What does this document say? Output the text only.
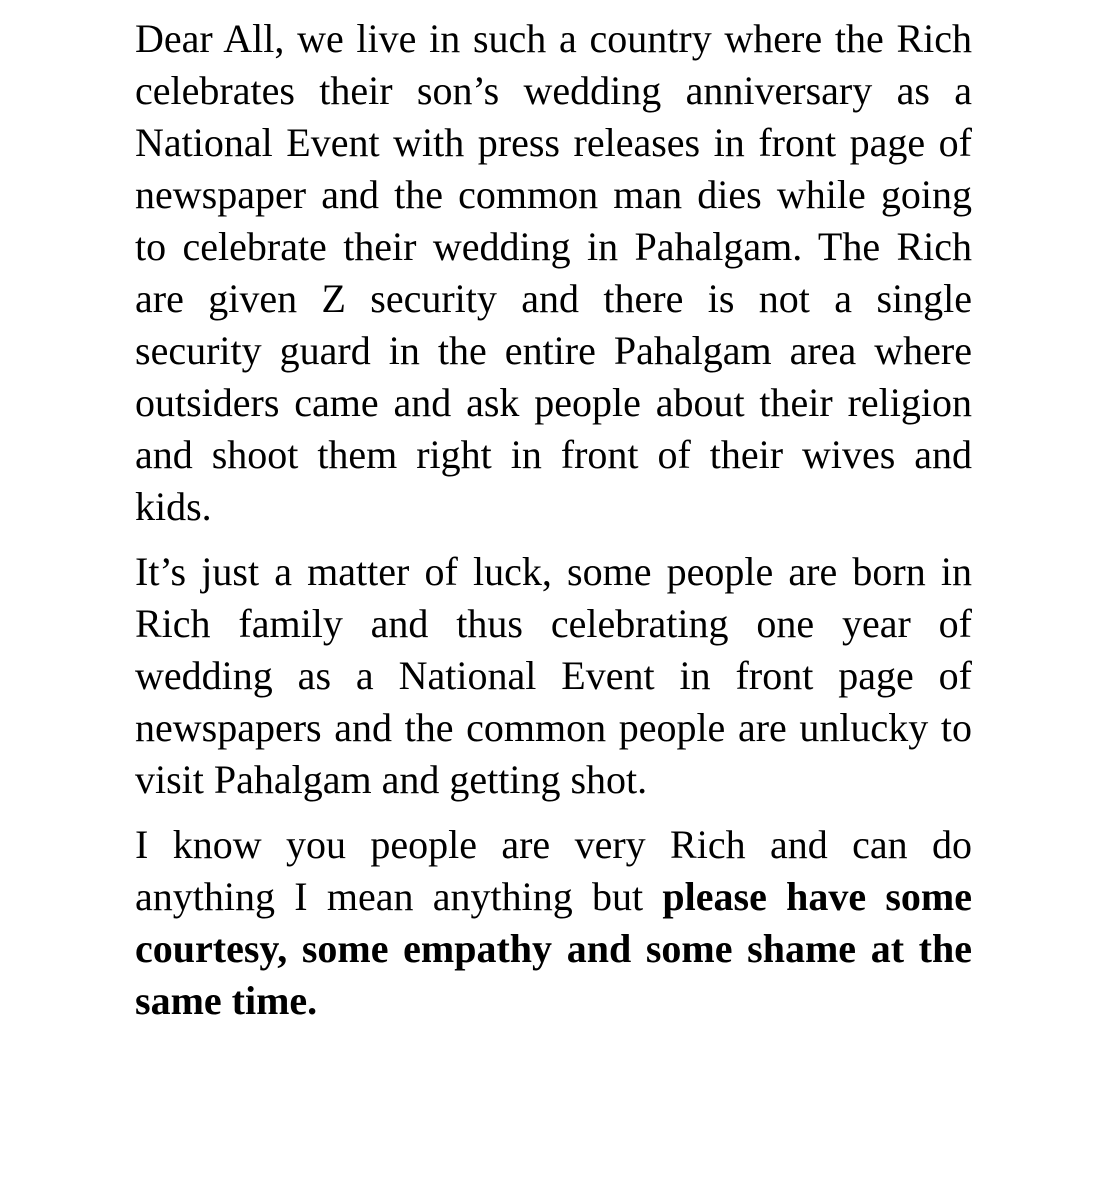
Dear All, we live in such a country where the Rich celebrates their son’s wedding anniversary as a National Event with press releases in front page of newspaper and the common man dies while going to celebrate their wedding in Pahalgam. The Rich are given Z security and there is not a single security guard in the entire Pahalgam area where outsiders came and ask people about their religion and shoot them right in front of their wives and kids.

It’s just a matter of luck, some people are born in Rich family and thus celebrating one year of wedding as a National Event in front page of newspapers and the common people are unlucky to visit Pahalgam and getting shot.

I know you people are very Rich and can do anything I mean anything but please have some courtesy, some empathy and some shame at the same time.
